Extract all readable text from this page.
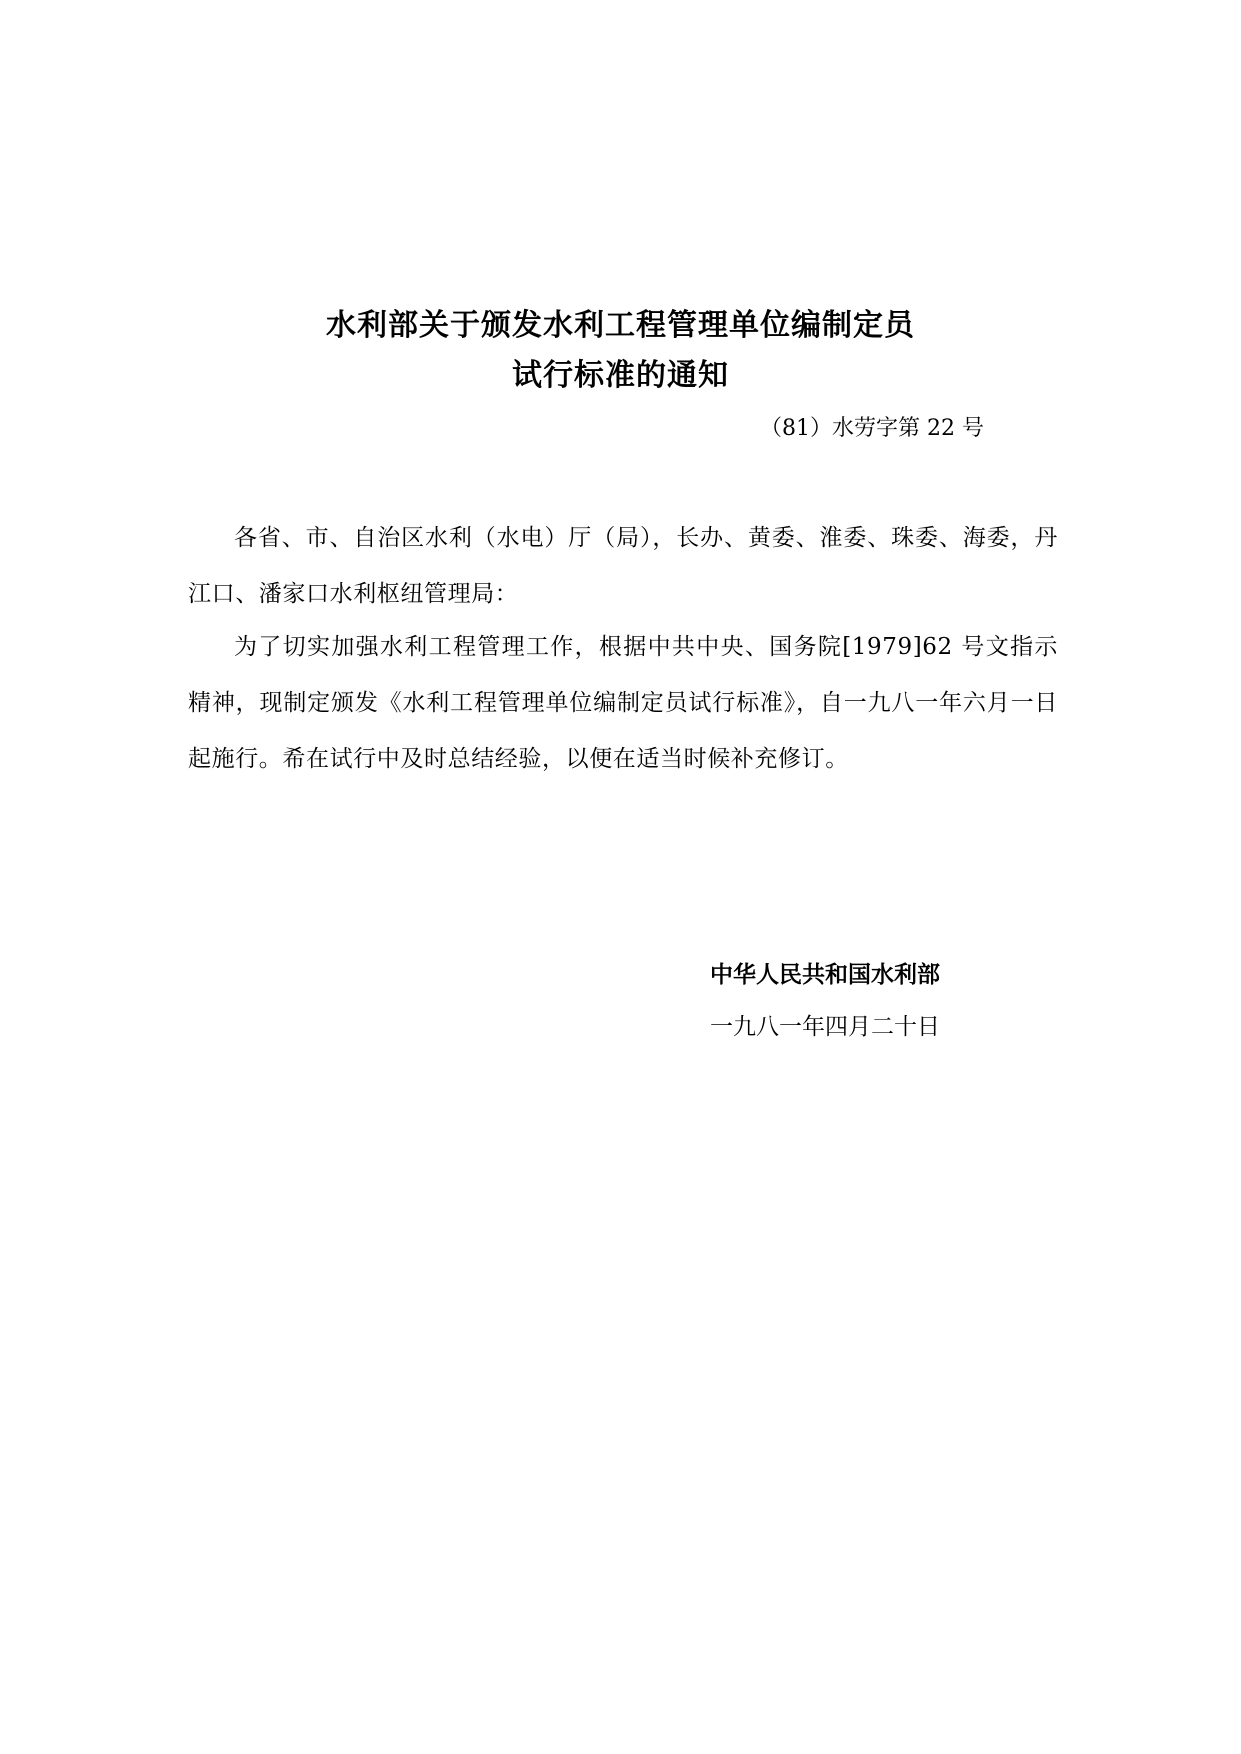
水利部关于颁发水利工程管理单位编制定员
试行标准的通知
（81）水劳字第 22 号
各省、市、自治区水利（水电）厅（局），长办、黄委、淮委、珠委、海委，丹江口、潘家口水利枢纽管理局：
为了切实加强水利工程管理工作，根据中共中央、国务院[1979]62 号文指示精神，现制定颁发《水利工程管理单位编制定员试行标准》，自一九八一年六月一日起施行。希在试行中及时总结经验，以便在适当时候补充修订。
中华人民共和国水利部
一九八一年四月二十日
